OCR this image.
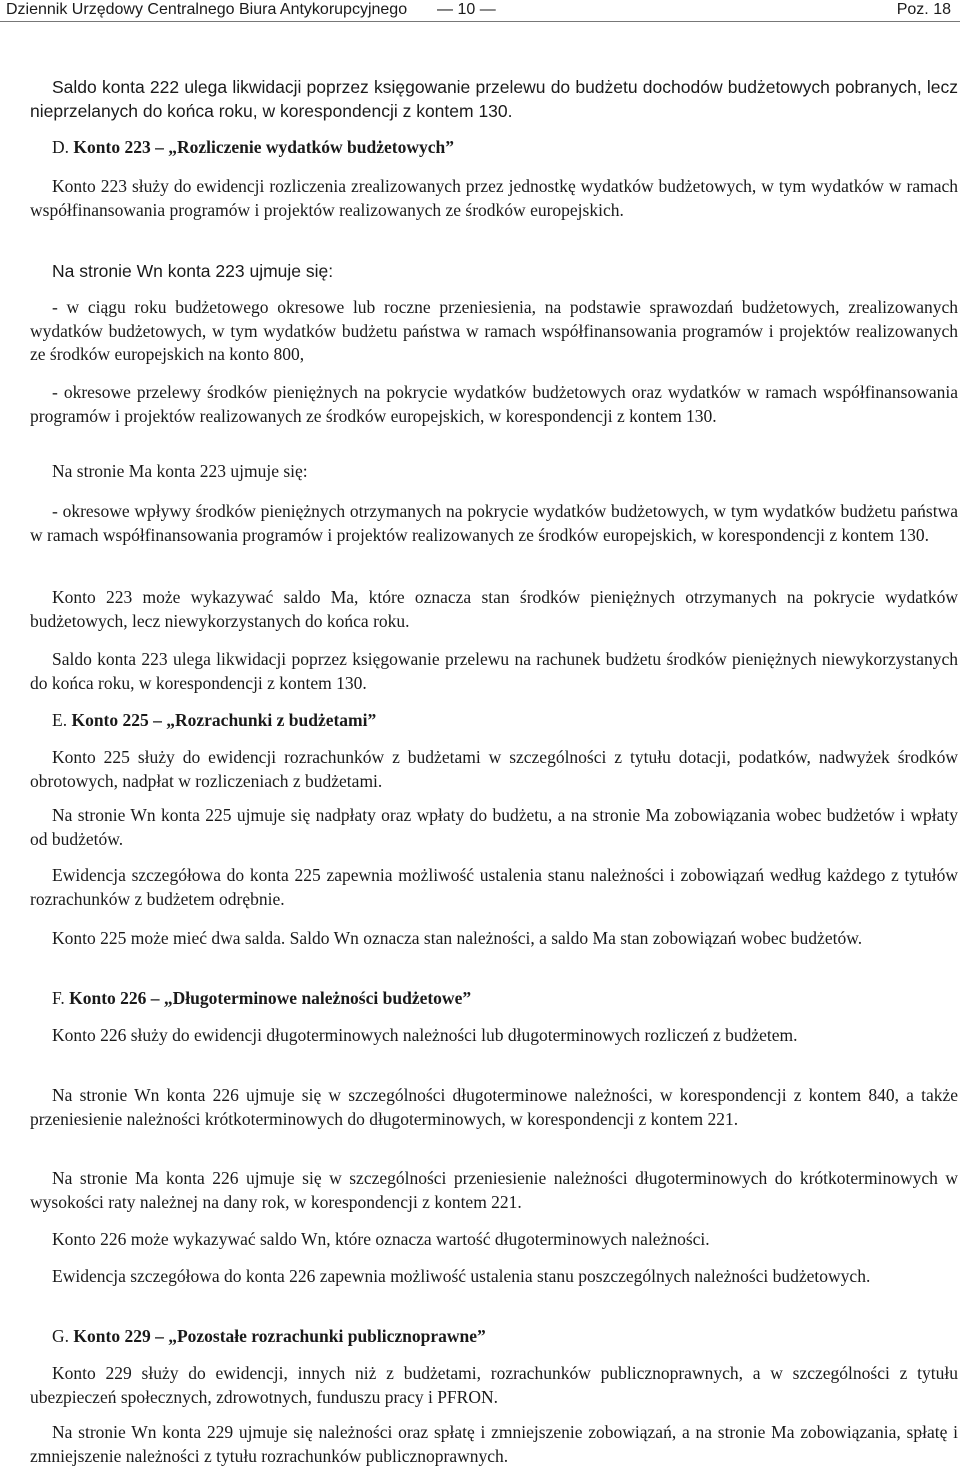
Dziennik Urzędowy Centralnego Biura Antykorupcyjnego — 10 —	Poz. 18

Saldo konta 222 ulega likwidacji poprzez księgowanie przelewu do budżetu dochodów budżetowych pobranych, lecz nieprzelanych do końca roku, w korespondencji z kontem 130.

D. Konto 223 – „Rozliczenie wydatków budżetowych”

Konto 223 służy do ewidencji rozliczenia zrealizowanych przez jednostkę wydatków budżetowych, w tym wydatków w ramach współfinansowania programów i projektów realizowanych ze środków europejskich.

Na stronie Wn konta 223 ujmuje się:

- w ciągu roku budżetowego okresowe lub roczne przeniesienia, na podstawie sprawozdań budżetowych, zrealizowanych wydatków budżetowych, w tym wydatków budżetu państwa w ramach współfinansowania programów i projektów realizowanych ze środków europejskich na konto 800,

- okresowe przelewy środków pieniężnych na pokrycie wydatków budżetowych oraz wydatków w ramach współfinansowania programów i projektów realizowanych ze środków europejskich, w korespondencji z kontem 130.

Na stronie Ma konta 223 ujmuje się:

- okresowe wpływy środków pieniężnych otrzymanych na pokrycie wydatków budżetowych, w tym wydatków budżetu państwa w ramach współfinansowania programów i projektów realizowanych ze środków europejskich, w korespondencji z kontem 130.

Konto 223 może wykazywać saldo Ma, które oznacza stan środków pieniężnych otrzymanych na pokrycie wydatków budżetowych, lecz niewykorzystanych do końca roku.

Saldo konta 223 ulega likwidacji poprzez księgowanie przelewu na rachunek budżetu środków pieniężnych niewykorzystanych do końca roku, w korespondencji z kontem 130.

E. Konto 225 – „Rozrachunki z budżetami”

Konto 225 służy do ewidencji rozrachunków z budżetami w szczególności z tytułu dotacji, podatków, nadwyżek środków obrotowych, nadpłat w rozliczeniach z budżetami.

Na stronie Wn konta 225 ujmuje się nadpłaty oraz wpłaty do budżetu, a na stronie Ma zobowiązania wobec budżetów i wpłaty od budżetów.

Ewidencja szczegółowa do konta 225 zapewnia możliwość ustalenia stanu należności i zobowiązań według każdego z tytułów rozrachunków z budżetem odrębnie.

Konto 225 może mieć dwa salda. Saldo Wn oznacza stan należności, a saldo Ma stan zobowiązań wobec budżetów.

F. Konto 226 – „Długoterminowe należności budżetowe”

Konto 226 służy do ewidencji długoterminowych należności lub długoterminowych rozliczeń z budżetem.

Na stronie Wn konta 226 ujmuje się w szczególności długoterminowe należności, w korespondencji z kontem 840, a także przeniesienie należności krótkoterminowych do długoterminowych, w korespondencji z kontem 221.

Na stronie Ma konta 226 ujmuje się w szczególności przeniesienie należności długoterminowych do krótkoterminowych w wysokości raty należnej na dany rok, w korespondencji z kontem 221.

Konto 226 może wykazywać saldo Wn, które oznacza wartość długoterminowych należności.

Ewidencja szczegółowa do konta 226 zapewnia możliwość ustalenia stanu poszczególnych należności budżetowych.

G. Konto 229 – „Pozostałe rozrachunki publicznoprawne”

Konto 229 służy do ewidencji, innych niż z budżetami, rozrachunków publicznoprawnych, a w szczególności z tytułu ubezpieczeń społecznych, zdrowotnych, funduszu pracy i PFRON.

Na stronie Wn konta 229 ujmuje się należności oraz spłatę i zmniejszenie zobowiązań, a na stronie Ma zobowiązania, spłatę i zmniejszenie należności z tytułu rozrachunków publicznoprawnych.
